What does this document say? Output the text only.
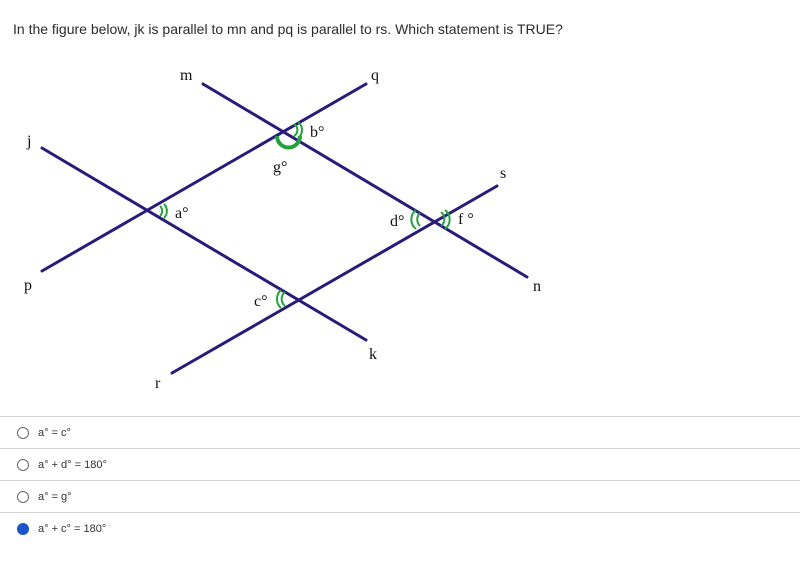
In the figure below, jk is parallel to mn and pq is parallel to rs. Which statement is TRUE?
m	q
j
s
p	n
k
r
a°
b°
g°
d°	f °
c°
a° = c°
a° + d° = 180°
a° = g°
a° + c° = 180°
